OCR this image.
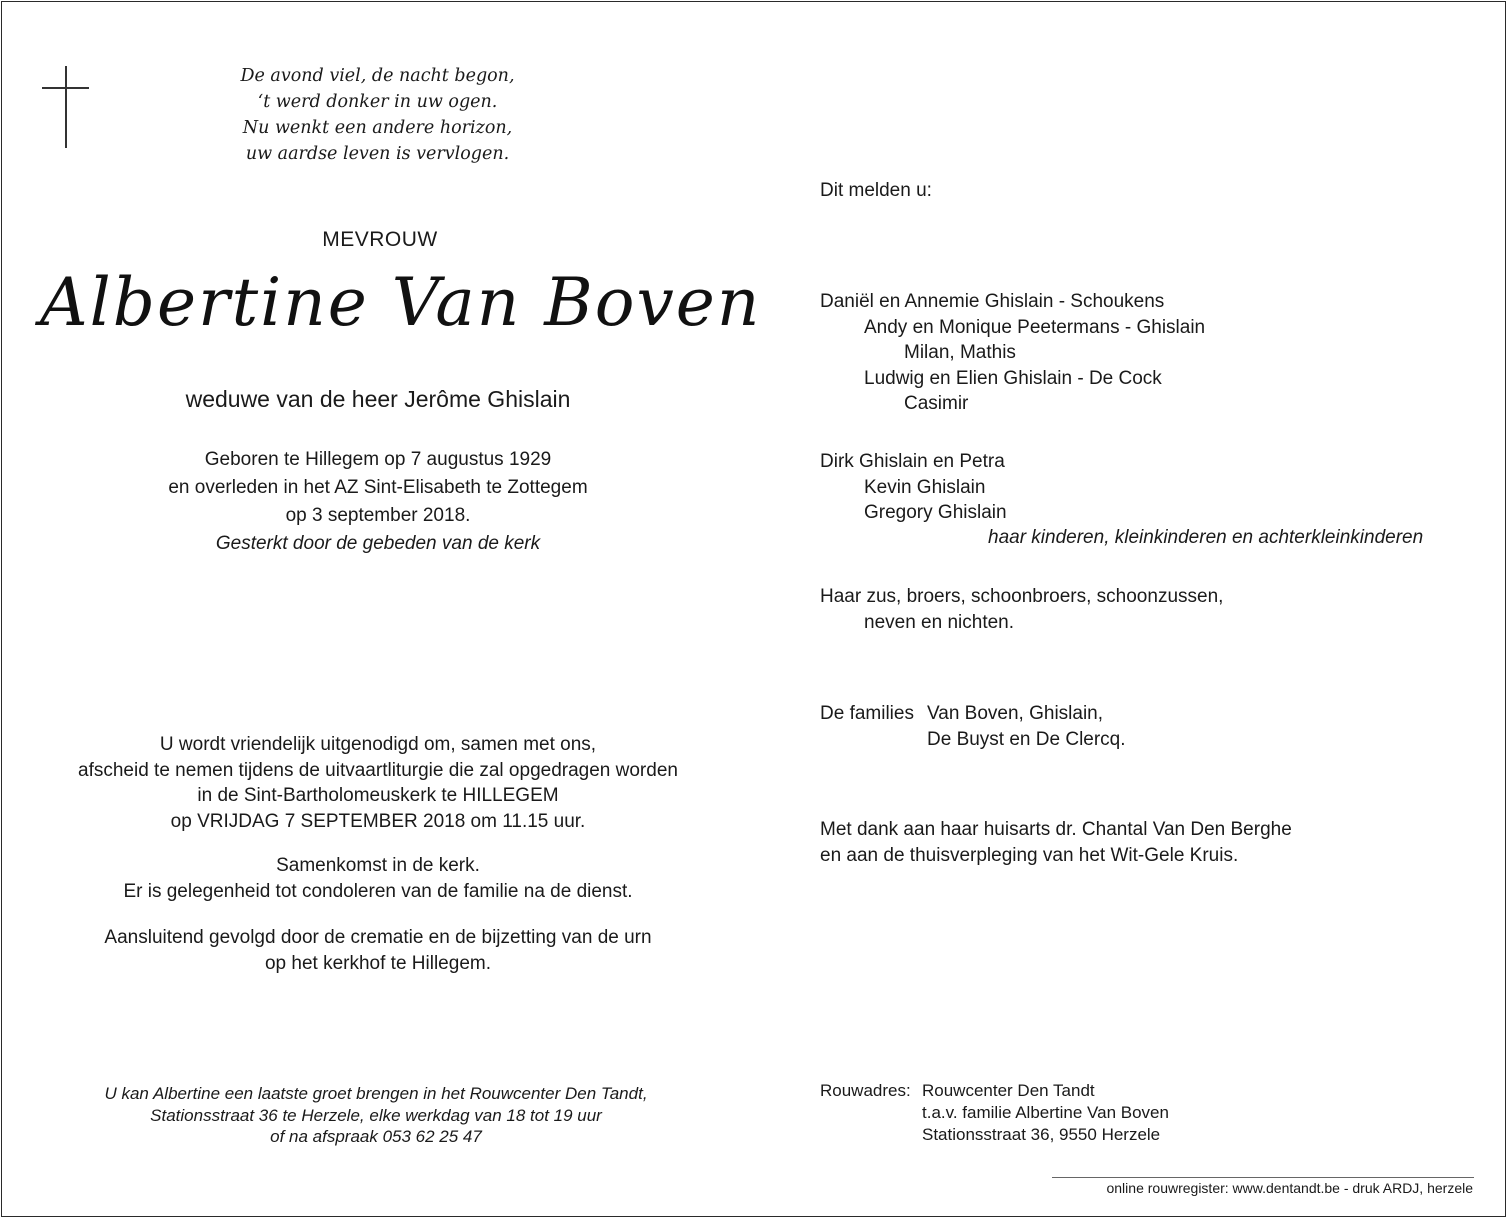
De avond viel, de nacht begon,
‘t werd donker in uw ogen.
Nu wenkt een andere horizon,
uw aardse leven is vervlogen.
MEVROUW
Albertine Van Boven
weduwe van de heer Jerôme Ghislain
Geboren te Hillegem op 7 augustus 1929
en overleden in het AZ Sint-Elisabeth te Zottegem
op 3 september 2018.
Gesterkt door de gebeden van de kerk
U wordt vriendelijk uitgenodigd om, samen met ons,
afscheid te nemen tijdens de uitvaartliturgie die zal opgedragen worden
in de Sint-Bartholomeuskerk te HILLEGEM
op VRIJDAG 7 SEPTEMBER 2018 om 11.15 uur.
Samenkomst in de kerk.
Er is gelegenheid tot condoleren van de familie na de dienst.
Aansluitend gevolgd door de crematie en de bijzetting van de urn
op het kerkhof te Hillegem.
U kan Albertine een laatste groet brengen in het Rouwcenter Den Tandt,
Stationsstraat 36 te Herzele, elke werkdag van 18 tot 19 uur
of na afspraak 053 62 25 47
Dit melden u:
Daniël en Annemie Ghislain - Schoukens
Andy en Monique Peetermans - Ghislain
Milan, Mathis
Ludwig en Elien Ghislain - De Cock
Casimir
Dirk Ghislain en Petra
Kevin Ghislain
Gregory Ghislain
haar kinderen, kleinkinderen en achterkleinkinderen
Haar zus, broers, schoonbroers, schoonzussen,
neven en nichten.
De families Van Boven, Ghislain,
De Buyst en De Clercq.
Met dank aan haar huisarts dr. Chantal Van Den Berghe
en aan de thuisverpleging van het Wit-Gele Kruis.
Rouwadres: Rouwcenter Den Tandt
t.a.v. familie Albertine Van Boven
Stationsstraat 36, 9550 Herzele
online rouwregister: www.dentandt.be - druk ARDJ, herzele
